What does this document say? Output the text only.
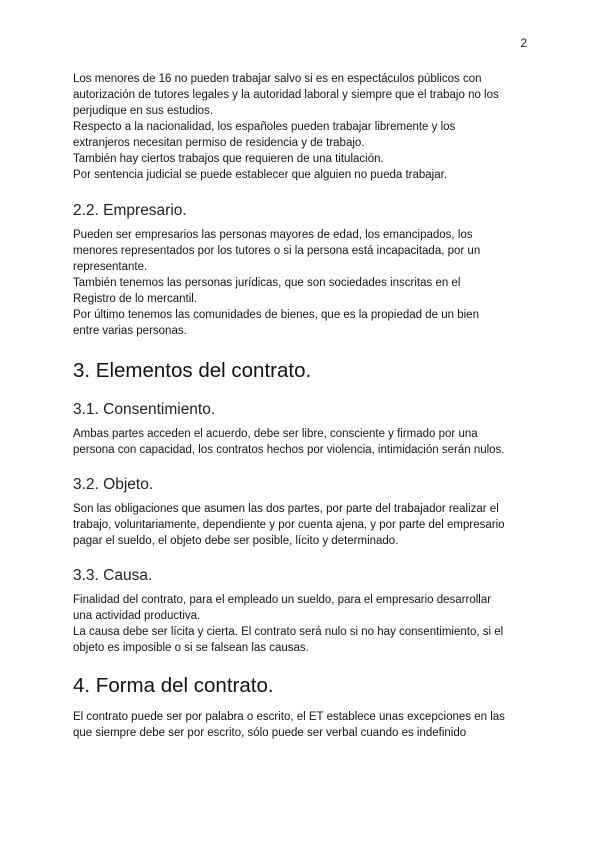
2

Los menores de 16 no pueden trabajar salvo si es en espectáculos públicos con

autorización de tutores legales y la autoridad laboral y siempre que el trabajo no los

perjudique en sus estudios.

Respecto a la nacionalidad, los españoles pueden trabajar libremente y los

extranjeros necesitan permiso de residencia y de trabajo.

También hay ciertos trabajos que requieren de una titulación.

Por sentencia judicial se puede establecer que alguien no pueda trabajar.

2.2. Empresario.

Pueden ser empresarios las personas mayores de edad, los emancipados, los

menores representados por los tutores o si la persona está incapacitada, por un

representante.

También tenemos las personas jurídicas, que son sociedades inscritas en el

Registro de lo mercantil.

Por último tenemos las comunidades de bienes, que es la propiedad de un bien

entre varias personas.

3. Elementos del contrato.
3.1. Consentimiento.

Ambas partes acceden el acuerdo, debe ser libre, consciente y firmado por una

persona con capacidad, los contratos hechos por violencia, intimidación serán nulos.

3.2. Objeto.

Son las obligaciones que asumen las dos partes, por parte del trabajador realizar el

trabajo, voluntariamente, dependiente y por cuenta ajena, y por parte del empresario

pagar el sueldo, el objeto debe ser posible, lícito y determinado.

3.3. Causa.

Finalidad del contrato, para el empleado un sueldo, para el empresario desarrollar

una actividad productiva.

La causa debe ser lícita y cierta. El contrato será nulo si no hay consentimiento, si el

objeto es imposible o si se falsean las causas.

4. Forma del contrato.

El contrato puede ser por palabra o escrito, el ET establece unas excepciones en las

que siempre debe ser por escrito, sólo puede ser verbal cuando es indefinido
